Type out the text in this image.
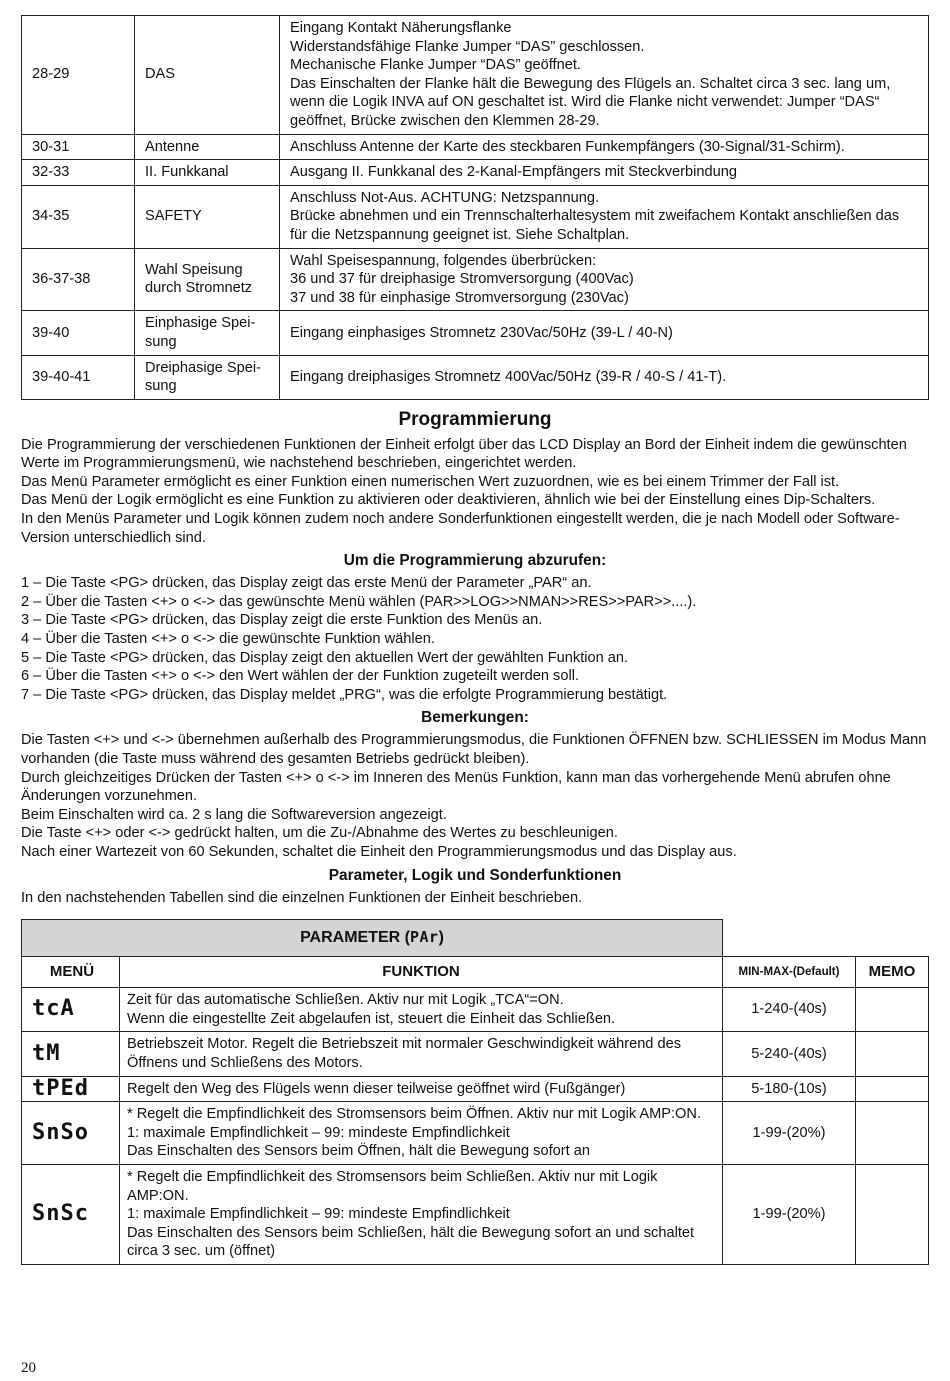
28-29	DAS	Eingang Kontakt Näherungsflanke
Widerstandsfähige Flanke Jumper “DAS” geschlossen.
Mechanische Flanke Jumper “DAS” geöffnet.
Das Einschalten der Flanke hält die Bewegung des Flügels an. Schaltet circa 3 sec. lang um, wenn die Logik INVA auf ON geschaltet ist. Wird die Flanke nicht verwendet: Jumper “DAS“ geöffnet, Brücke zwischen den Klemmen 28-29.

30-31	Antenne	Anschluss Antenne der Karte des steckbaren Funkempfängers (30-Signal/31-Schirm).

32-33	II. Funkkanal	Ausgang II. Funkkanal des 2-Kanal-Empfängers mit Steckverbindung

34-35	SAFETY	Anschluss Not-Aus. ACHTUNG: Netzspannung.
Brücke abnehmen und ein Trennschalterhaltesystem mit zweifachem Kontakt anschließen das für die Netzspannung geeignet ist. Siehe Schaltplan.

36-37-38	Wahl Speisung durch Stromnetz	Wahl Speisespannung, folgendes überbrücken:
36 und 37 für dreiphasige Stromversorgung (400Vac)
37 und 38 für einphasige Stromversorgung (230Vac)

39-40	Einphasige Spei-sung	Eingang einphasiges Stromnetz 230Vac/50Hz (39-L / 40-N)

39-40-41	Dreiphasige Spei-sung	Eingang dreiphasiges Stromnetz 400Vac/50Hz (39-R / 40-S / 41-T).
Programmierung

Die Programmierung der verschiedenen Funktionen der Einheit erfolgt über das LCD Display an Bord der Einheit indem die gewünschten Werte im Programmierungsmenü, wie nachstehend beschrieben, eingerichtet werden.

Das Menü Parameter ermöglicht es einer Funktion einen numerischen Wert zuzuordnen, wie es bei einem Trimmer der Fall ist.

Das Menü der Logik ermöglicht es eine Funktion zu aktivieren oder deaktivieren, ähnlich wie bei der Einstellung eines Dip-Schalters.

In den Menüs Parameter und Logik können zudem noch andere Sonderfunktionen eingestellt werden, die je nach Modell oder Software-Version unterschiedlich sind.

Um die Programmierung abzurufen:

1 – Die Taste <PG> drücken, das Display zeigt das erste Menü der Parameter „PAR“ an.

2 – Über die Tasten <+> o <-> das gewünschte Menü wählen (PAR>>LOG>>NMAN>>RES>>PAR>>....).

3 – Die Taste <PG> drücken, das Display zeigt die erste Funktion des Menüs an.

4 – Über die Tasten <+> o <-> die gewünschte Funktion wählen.

5 – Die Taste <PG> drücken, das Display zeigt den aktuellen Wert der gewählten Funktion an.

6 – Über die Tasten <+> o <-> den Wert wählen der der Funktion zugeteilt werden soll.

7 – Die Taste <PG> drücken, das Display meldet „PRG“, was die erfolgte Programmierung bestätigt.

Bemerkungen:

Die Tasten <+> und <-> übernehmen außerhalb des Programmierungsmodus, die Funktionen ÖFFNEN bzw. SCHLIESSEN im Modus Mann vorhanden (die Taste muss während des gesamten Betriebs gedrückt bleiben).

Durch gleichzeitiges Drücken der Tasten <+> o <-> im Inneren des Menüs Funktion, kann man das vorhergehende Menü abrufen ohne Änderungen vorzunehmen.

Beim Einschalten wird ca. 2 s lang die Softwareversion angezeigt.

Die Taste <+> oder <-> gedrückt halten, um die Zu-/Abnahme des Wertes zu beschleunigen.

Nach einer Wartezeit von 60 Sekunden, schaltet die Einheit den Programmierungsmodus und das Display aus.

Parameter, Logik und Sonderfunktionen

In den nachstehenden Tabellen sind die einzelnen Funktionen der Einheit beschrieben.

PARAMETER (PAr)			
MENÜ	FUNKTION	MIN-MAX-(Default)	MEMO
tcA	Zeit für das automatische Schließen. Aktiv nur mit Logik „TCA“=ON.
Wenn die eingestellte Zeit abgelaufen ist, steuert die Einheit das Schließen.	1-240-(40s)	
tM	Betriebszeit Motor. Regelt die Betriebszeit mit normaler Geschwindigkeit während des Öffnens und Schließens des Motors.	5-240-(40s)	
tPEd	Regelt den Weg des Flügels wenn dieser teilweise geöffnet wird (Fußgänger)	5-180-(10s)	
SnSo	* Regelt die Empfindlichkeit des Stromsensors beim Öffnen. Aktiv nur mit Logik AMP:ON.
1: maximale Empfindlichkeit – 99: mindeste Empfindlichkeit
Das Einschalten des Sensors beim Öffnen, hält die Bewegung sofort an	1-99-(20%)	
SnSc	* Regelt die Empfindlichkeit des Stromsensors beim Schließen. Aktiv nur mit Logik AMP:ON.
1: maximale Empfindlichkeit – 99: mindeste Empfindlichkeit
Das Einschalten des Sensors beim Schließen, hält die Bewegung sofort an und schaltet circa 3 sec. um (öffnet)	1-99-(20%)	
20
